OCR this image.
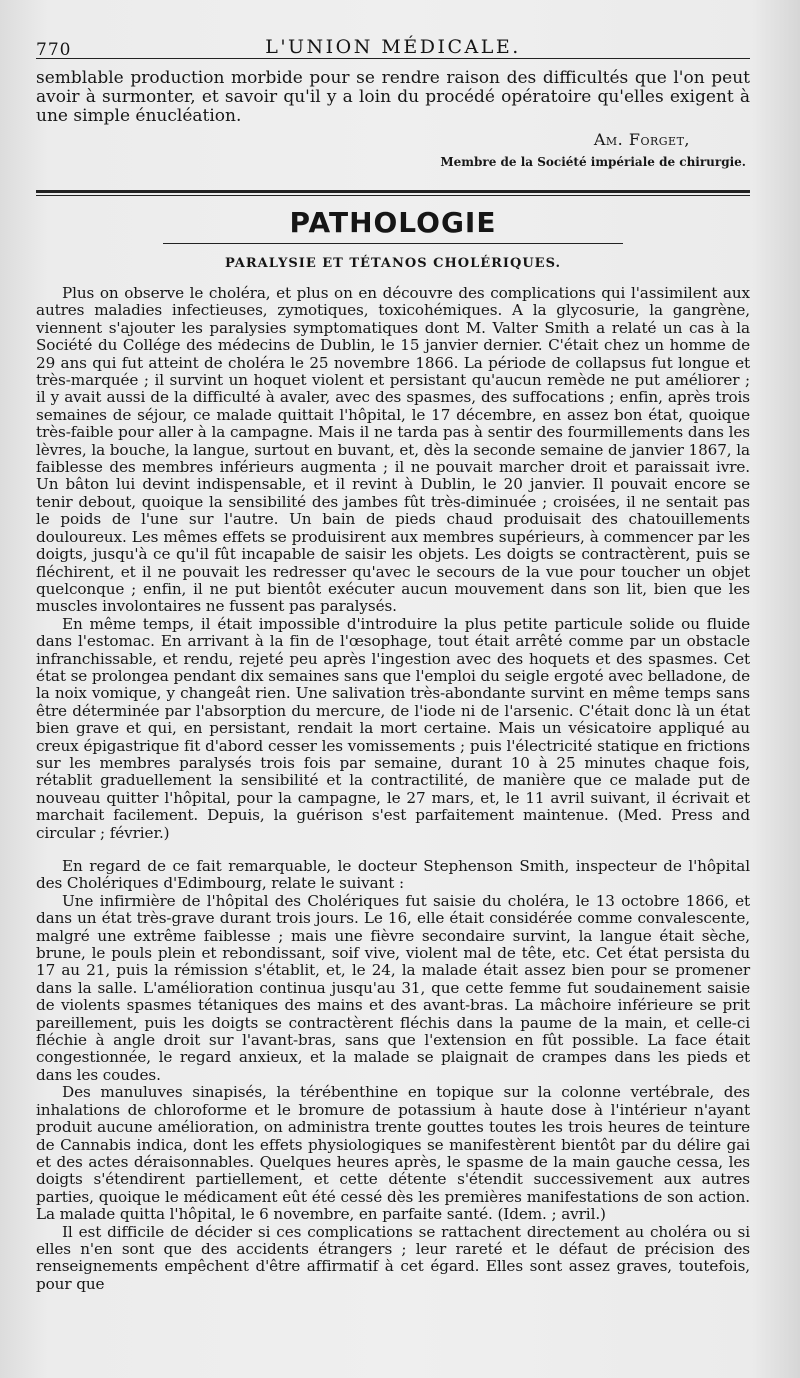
770	L'UNION MÉDICALE.

semblable production morbide pour se rendre raison des difficultés que l'on peut avoir à surmonter, et savoir qu'il y a loin du procédé opératoire qu'elles exigent à une simple énucléation.

Am. Forget,
Membre de la Société impériale de chirurgie.
PATHOLOGIE
PARALYSIE ET TÉTANOS CHOLÉRIQUES.

Plus on observe le choléra, et plus on en découvre des complications qui l'assimilent aux autres maladies infectieuses, zymotiques, toxicohémiques. A la glycosurie, la gangrène, viennent s'ajouter les paralysies symptomatiques dont M. Valter Smith a relaté un cas à la Société du Collége des médecins de Dublin, le 15 janvier dernier. C'était chez un homme de 29 ans qui fut atteint de choléra le 25 novembre 1866. La période de collapsus fut longue et très-marquée ; il survint un hoquet violent et persistant qu'aucun remède ne put améliorer ; il y avait aussi de la difficulté à avaler, avec des spasmes, des suffocations ; enfin, après trois semaines de séjour, ce malade quittait l'hôpital, le 17 décembre, en assez bon état, quoique très-faible pour aller à la campagne. Mais il ne tarda pas à sentir des fourmillements dans les lèvres, la bouche, la langue, surtout en buvant, et, dès la seconde semaine de janvier 1867, la faiblesse des membres inférieurs augmenta ; il ne pouvait marcher droit et paraissait ivre. Un bâton lui devint indispensable, et il revint à Dublin, le 20 janvier. Il pouvait encore se tenir debout, quoique la sensibilité des jambes fût très-diminuée ; croisées, il ne sentait pas le poids de l'une sur l'autre. Un bain de pieds chaud produisait des chatouillements douloureux. Les mêmes effets se produisirent aux membres supérieurs, à commencer par les doigts, jusqu'à ce qu'il fût incapable de saisir les objets. Les doigts se contractèrent, puis se fléchirent, et il ne pouvait les redresser qu'avec le secours de la vue pour toucher un objet quelconque ; enfin, il ne put bientôt exécuter aucun mouvement dans son lit, bien que les muscles involontaires ne fussent pas paralysés.

En même temps, il était impossible d'introduire la plus petite particule solide ou fluide dans l'estomac. En arrivant à la fin de l'œsophage, tout était arrêté comme par un obstacle infranchissable, et rendu, rejeté peu après l'ingestion avec des hoquets et des spasmes. Cet état se prolongea pendant dix semaines sans que l'emploi du seigle ergoté avec belladone, de la noix vomique, y changeât rien. Une salivation très-abondante survint en même temps sans être déterminée par l'absorption du mercure, de l'iode ni de l'arsenic. C'était donc là un état bien grave et qui, en persistant, rendait la mort certaine. Mais un vésicatoire appliqué au creux épigastrique fit d'abord cesser les vomissements ; puis l'électricité statique en frictions sur les membres paralysés trois fois par semaine, durant 10 à 25 minutes chaque fois, rétablit graduellement la sensibilité et la contractilité, de manière que ce malade put de nouveau quitter l'hôpital, pour la campagne, le 27 mars, et, le 11 avril suivant, il écrivait et marchait facilement. Depuis, la guérison s'est parfaitement maintenue. (Med. Press and circular ; février.)

En regard de ce fait remarquable, le docteur Stephenson Smith, inspecteur de l'hôpital des Cholériques d'Edimbourg, relate le suivant :

Une infirmière de l'hôpital des Cholériques fut saisie du choléra, le 13 octobre 1866, et dans un état très-grave durant trois jours. Le 16, elle était considérée comme convalescente, malgré une extrême faiblesse ; mais une fièvre secondaire survint, la langue était sèche, brune, le pouls plein et rebondissant, soif vive, violent mal de tête, etc. Cet état persista du 17 au 21, puis la rémission s'établit, et, le 24, la malade était assez bien pour se promener dans la salle. L'amélioration continua jusqu'au 31, que cette femme fut soudainement saisie de violents spasmes tétaniques des mains et des avant-bras. La mâchoire inférieure se prit pareillement, puis les doigts se contractèrent fléchis dans la paume de la main, et celle-ci fléchie à angle droit sur l'avant-bras, sans que l'extension en fût possible. La face était congestionnée, le regard anxieux, et la malade se plaignait de crampes dans les pieds et dans les coudes.

Des manuluves sinapisés, la térébenthine en topique sur la colonne vertébrale, des inhalations de chloroforme et le bromure de potassium à haute dose à l'intérieur n'ayant produit aucune amélioration, on administra trente gouttes toutes les trois heures de teinture de Cannabis indica, dont les effets physiologiques se manifestèrent bientôt par du délire gai et des actes déraisonnables. Quelques heures après, le spasme de la main gauche cessa, les doigts s'étendirent partiellement, et cette détente s'étendit successivement aux autres parties, quoique le médicament eût été cessé dès les premières manifestations de son action. La malade quitta l'hôpital, le 6 novembre, en parfaite santé. (Idem. ; avril.)

Il est difficile de décider si ces complications se rattachent directement au choléra ou si elles n'en sont que des accidents étrangers ; leur rareté et le défaut de précision des renseignements empêchent d'être affirmatif à cet égard. Elles sont assez graves, toutefois, pour que
